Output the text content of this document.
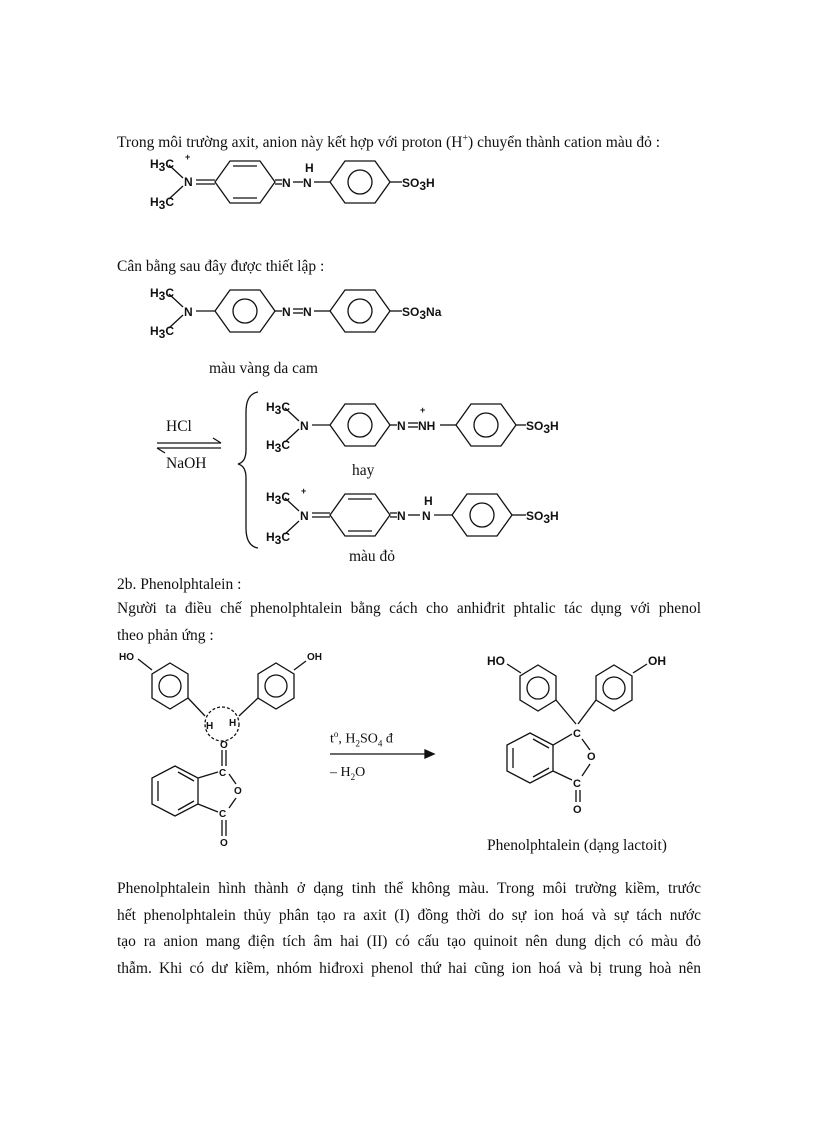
Trong môi trường axit, anion này kết hợp với proton (H+) chuyển thành cation màu đỏ :
H3C +
H3C
N	N N
H
SO3H
Cân bằng sau đây được thiết lập :
H3C
H3C
N	N N	SO3Na
màu vàng da cam
HCl
NaOH
H3C
H3C
N	N NH
+
SO3H
hay
H3C +
H3C
N	N N
H
SO3H
màu đỏ
2b. Phenolphtalein :
Người ta điều chế phenolphtalein bằng cách cho anhiđrit phtalic tác dụng với phenol
theo phản ứng :
HO	OH
H H
O
C
O
C
O
$t^o$, $H_2SO_4$ đ
– $H_2O$
HO	OH
C
O
C
O
Phenolphtalein (dạng lactoit)
Phenolphtalein hình thành ở dạng tinh thể không màu. Trong môi trường kiềm, trước
hết phenolphtalein thủy phân tạo ra axit (I) đồng thời do sự ion hoá và sự tách nước
tạo ra anion mang điện tích âm hai (II) có cấu tạo quinoit nên dung dịch có màu đỏ
thẫm. Khi có dư kiềm, nhóm hiđroxi phenol thứ hai cũng ion hoá và bị trung hoà nên
